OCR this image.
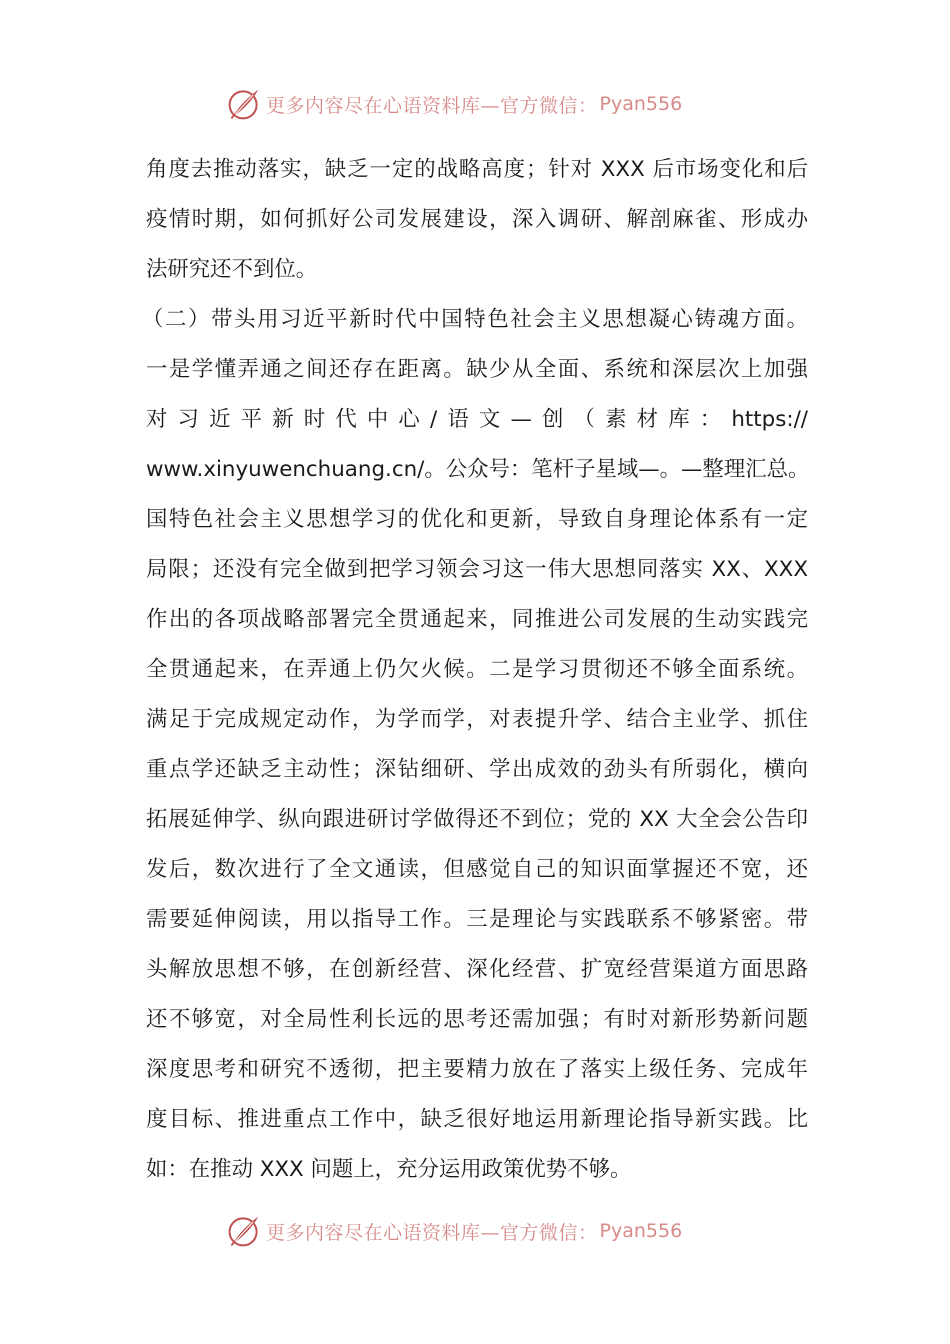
更多内容尽在心语资料库—官方微信： Pyan556
角度去推动落实，缺乏一定的战略高度；针对 XXX 后市场变化和后
疫情时期，如何抓好公司发展建设，深入调研、解剖麻雀、形成办
法研究还不到位。
（二）带头用习近平新时代中国特色社会主义思想凝心铸魂方面。
一是学懂弄通之间还存在距离。缺少从全面、系统和深层次上加强
对习近平新时代中心/语文—创（素材库：https://
www.xinyuwenchuang.cn/。公众号：笔杆子星域—。—整理汇总。
国特色社会主义思想学习的优化和更新，导致自身理论体系有一定
局限；还没有完全做到把学习领会习这一伟大思想同落实 XX、XXX
作出的各项战略部署完全贯通起来，同推进公司发展的生动实践完
全贯通起来，在弄通上仍欠火候。二是学习贯彻还不够全面系统。
满足于完成规定动作，为学而学，对表提升学、结合主业学、抓住
重点学还缺乏主动性；深钻细研、学出成效的劲头有所弱化，横向
拓展延伸学、纵向跟进研讨学做得还不到位；党的 XX 大全会公告印
发后，数次进行了全文通读，但感觉自己的知识面掌握还不宽，还
需要延伸阅读，用以指导工作。三是理论与实践联系不够紧密。带
头解放思想不够，在创新经营、深化经营、扩宽经营渠道方面思路
还不够宽，对全局性利长远的思考还需加强；有时对新形势新问题
深度思考和研究不透彻，把主要精力放在了落实上级任务、完成年
度目标、推进重点工作中，缺乏很好地运用新理论指导新实践。比
如：在推动 XXX 问题上，充分运用政策优势不够。
更多内容尽在心语资料库—官方微信： Pyan556
